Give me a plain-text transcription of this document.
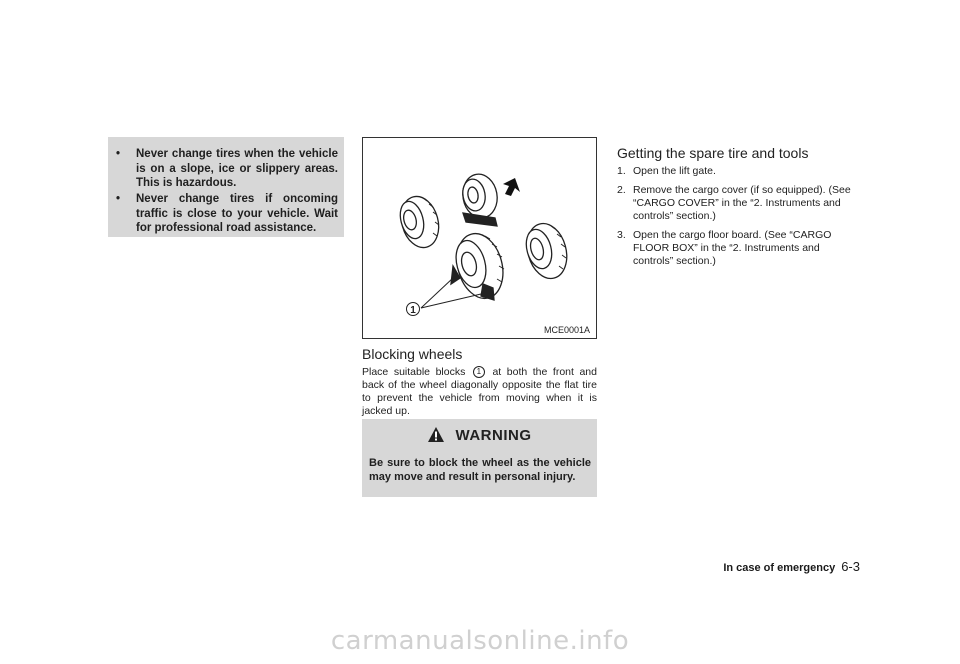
• Never change tires when the vehicle is on a slope, ice or slippery areas. This is hazardous.
• Never change tires if oncoming traffic is close to your vehicle. Wait for professional road assistance.
1
MCE0001A
Blocking wheels
Place suitable blocks 1 at both the front and back of the wheel diagonally opposite the flat tire to prevent the vehicle from moving when it is jacked up.
WARNING
Be sure to block the wheel as the vehicle may move and result in personal injury.
Getting the spare tire and tools
1. Open the lift gate.
2. Remove the cargo cover (if so equipped). (See “CARGO COVER” in the “2. Instruments and controls” section.)
3. Open the cargo floor board. (See “CARGO FLOOR BOX” in the “2. Instruments and controls” section.)
In case of emergency 6-3
carmanualsonline.info
